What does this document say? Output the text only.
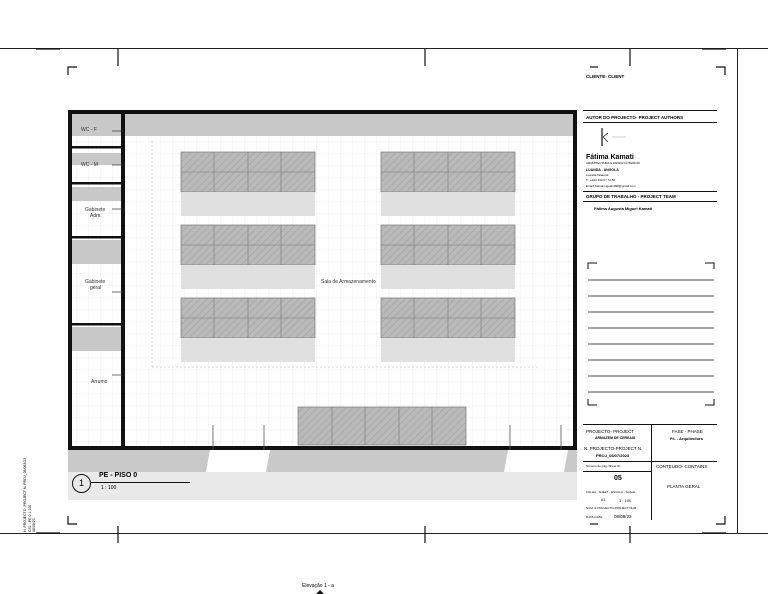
WC - F
WC - M
Gabinete
Adm.
Gabinete
geral
Arrumo
Sala de Armazenamento
1
PE - PISO 0
1 : 100
N. PROJECTO -PROJECT N. PROJ_08/083/23 CS1 - PE 0 1:100 08/08/23
CLIENTE- CLIENT
AUTOR DO PROJECTO- PROJECT AUTHORS
Fátima Kamati
ARQUITECTURA E DESIGN INTERIOR
LUANDA - ANGOLA
Luanda-Talatona
T.: +244 933 67 74 86
Email: fatimamiguel1998@gmail.com
GRUPO DE TRABALHO - PROJECT TEAM
Fátima Augusta Miguel Kamati
PROJECTO- PROJECT
ARMAZEM DE CEREAIS
FASE - PHASE
P.L - Arquitectura
N. PROJECTO-PROJECT N.
PROJ_08/07/2023
Número de pág.-Sheet Nr.
05
CONTEUDO- CONTAINS
PLANTA GERAL
FOLHA - SHEET - ESCALA - SCALE
A1	1 : 100
NUM. E PROJECTO-PROJECT NUM
DATA-DATE	08/08/23
Elevação 1 - a
